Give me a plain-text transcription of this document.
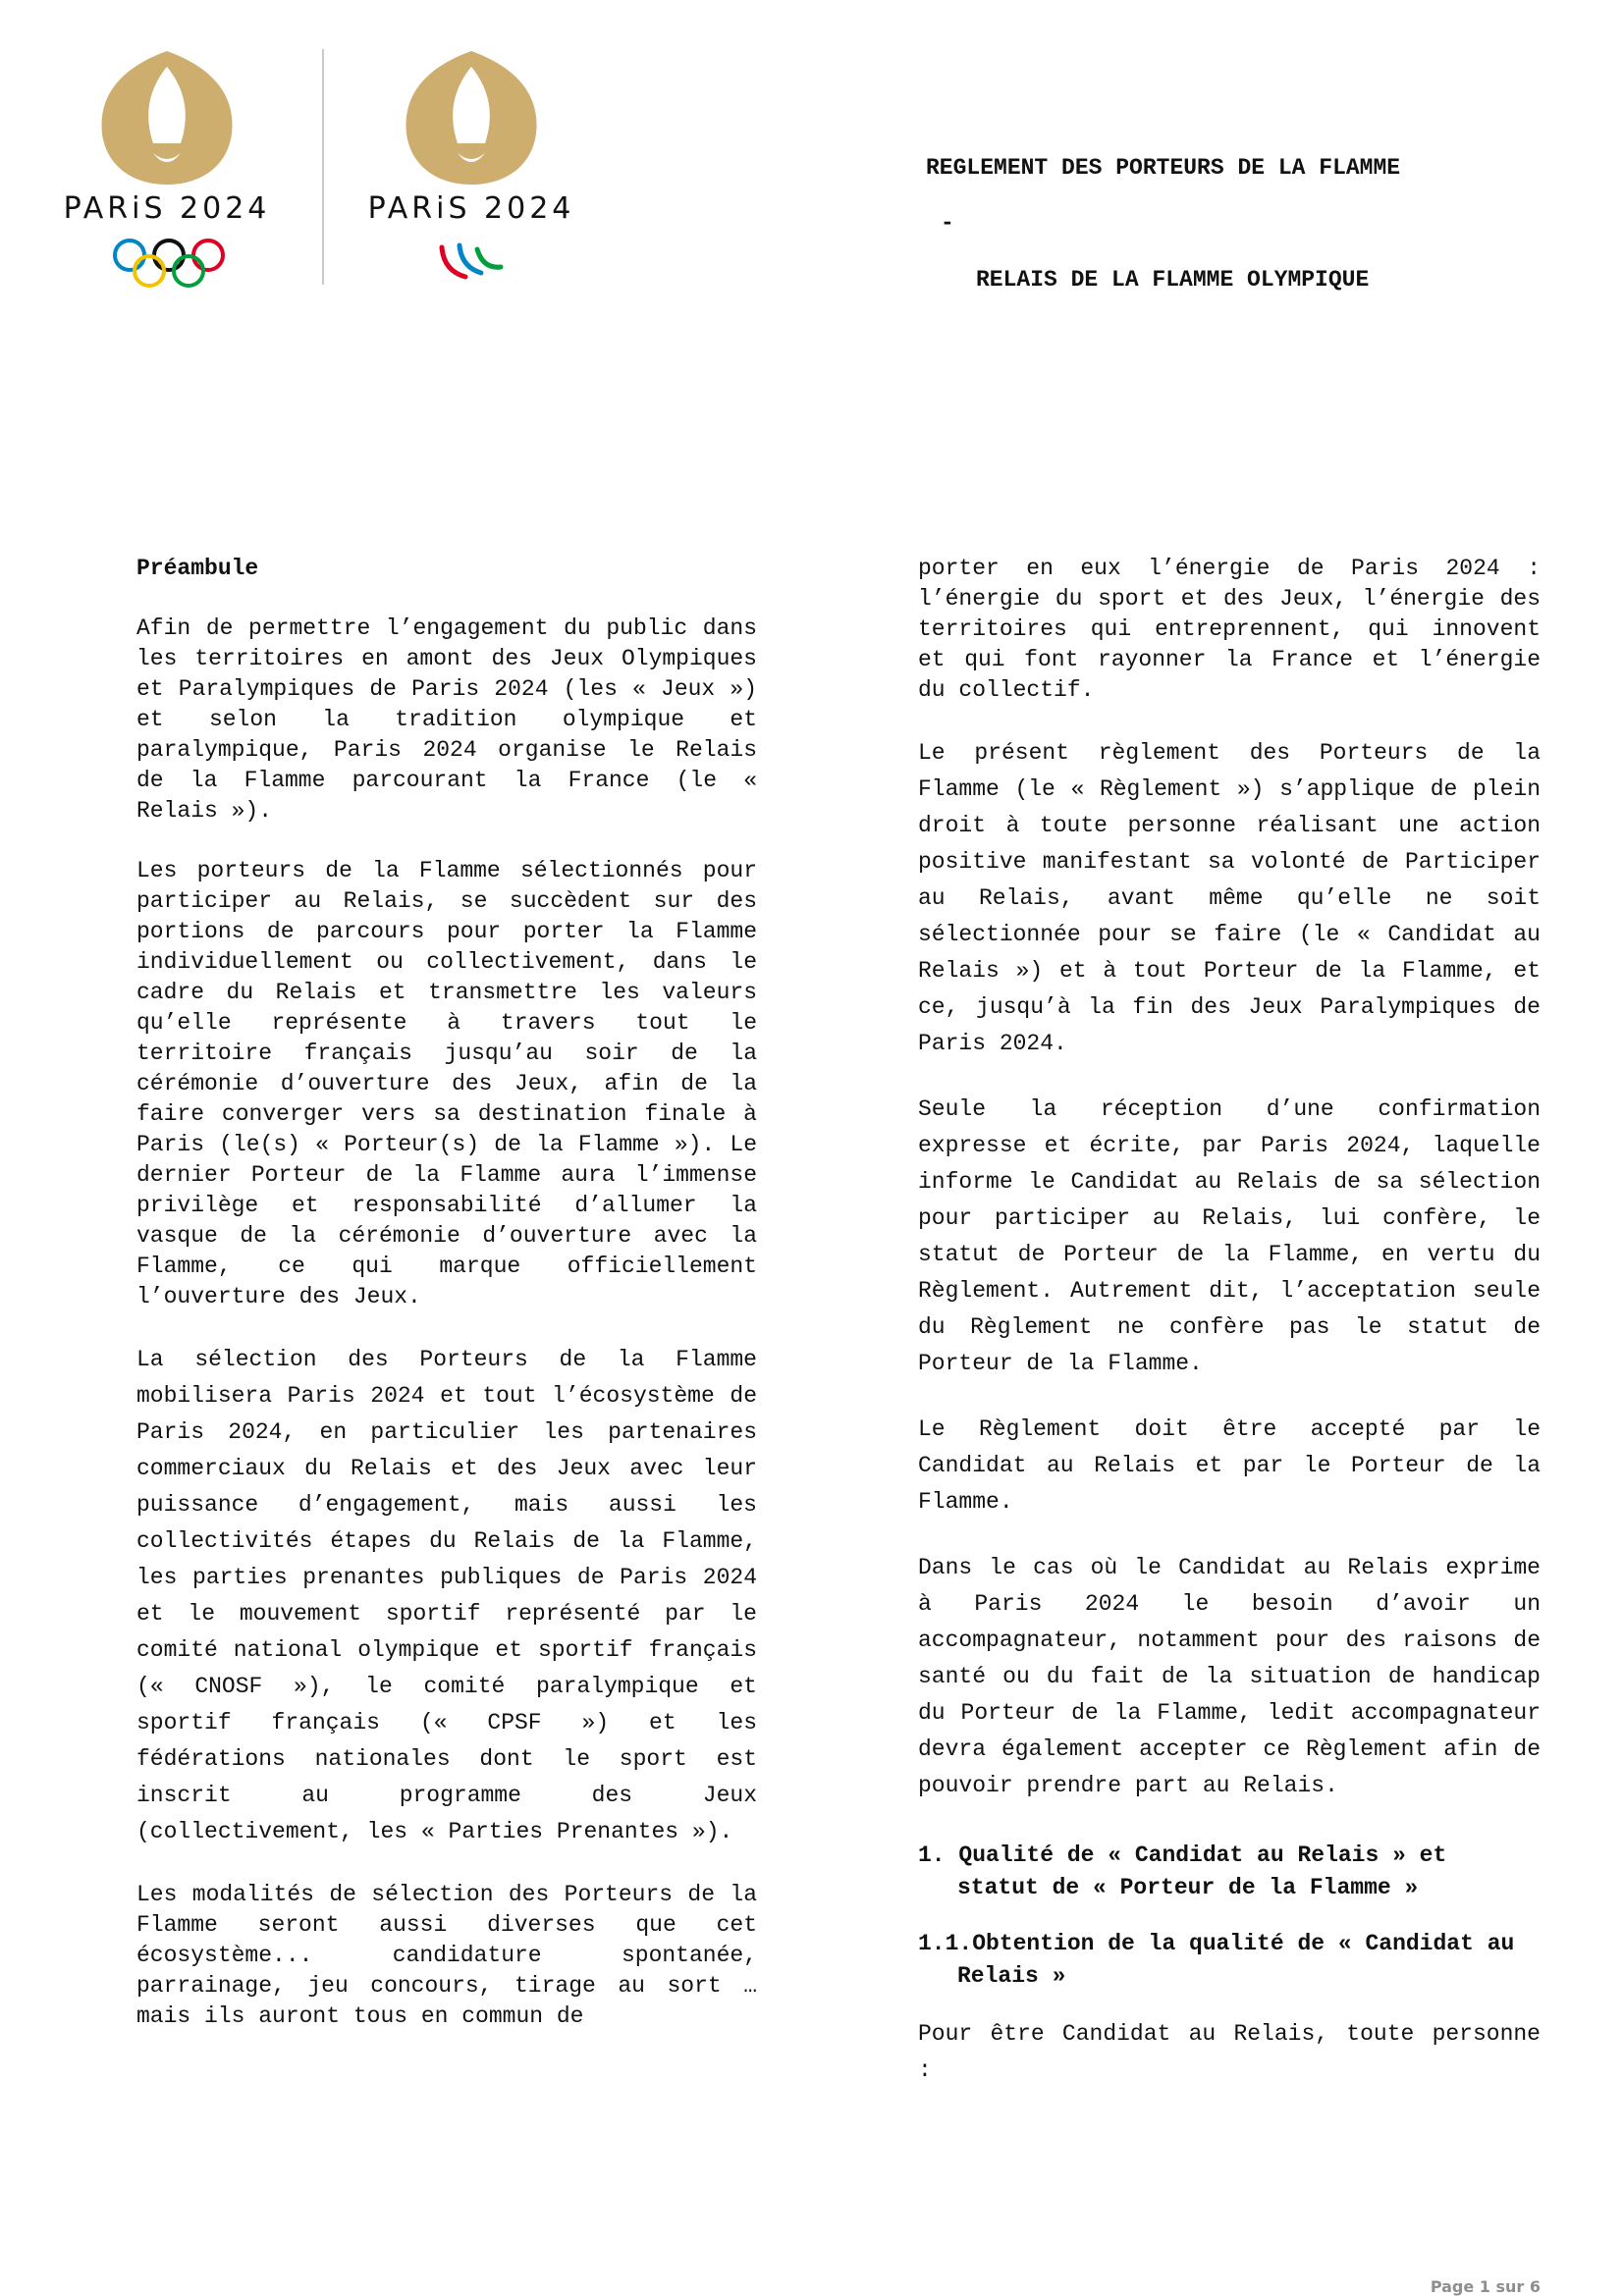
PARiS 2024	PARiS 2024
REGLEMENT DES PORTEURS DE LA FLAMME
-
RELAIS DE LA FLAMME OLYMPIQUE
Préambule

Afin de permettre l’engagement du public dans les territoires en amont des Jeux Olympiques et Paralympiques de Paris 2024 (les « Jeux ») et selon la tradition olympique et paralympique, Paris 2024 organise le Relais de la Flamme parcourant la France (le « Relais »).

Les porteurs de la Flamme sélectionnés pour participer au Relais, se succèdent sur des portions de parcours pour porter la Flamme individuellement ou collectivement, dans le cadre du Relais et transmettre les valeurs qu’elle représente à travers tout le territoire français jusqu’au soir de la cérémonie d’ouverture des Jeux, afin de la faire converger vers sa destination finale à Paris (le(s) « Porteur(s) de la Flamme »). Le dernier Porteur de la Flamme aura l’immense privilège et responsabilité d’allumer la vasque de la cérémonie d’ouverture avec la Flamme, ce qui marque officiellement l’ouverture des Jeux.

La sélection des Porteurs de la Flamme mobilisera Paris 2024 et tout l’écosystème de Paris 2024, en particulier les partenaires commerciaux du Relais et des Jeux avec leur puissance d’engagement, mais aussi les collectivités étapes du Relais de la Flamme, les parties prenantes publiques de Paris 2024 et le mouvement sportif représenté par le comité national olympique et sportif français (« CNOSF »), le comité paralympique et sportif français (« CPSF ») et les fédérations nationales dont le sport est inscrit au programme des Jeux (collectivement, les « Parties Prenantes »).

Les modalités de sélection des Porteurs de la Flamme seront aussi diverses que cet écosystème... candidature spontanée, parrainage, jeu concours, tirage au sort … mais ils auront tous en commun de

porter en eux l’énergie de Paris 2024 : l’énergie du sport et des Jeux, l’énergie des territoires qui entreprennent, qui innovent et qui font rayonner la France et l’énergie du collectif.

Le présent règlement des Porteurs de la Flamme (le « Règlement ») s’applique de plein droit à toute personne réalisant une action positive manifestant sa volonté de Participer au Relais, avant même qu’elle ne soit sélectionnée pour se faire (le « Candidat au Relais ») et à tout Porteur de la Flamme, et ce, jusqu’à la fin des Jeux Paralympiques de Paris 2024.

Seule la réception d’une confirmation expresse et écrite, par Paris 2024, laquelle informe le Candidat au Relais de sa sélection pour participer au Relais, lui confère, le statut de Porteur de la Flamme, en vertu du Règlement. Autrement dit, l’acceptation seule du Règlement ne confère pas le statut de Porteur de la Flamme.

Le Règlement doit être accepté par le Candidat au Relais et par le Porteur de la Flamme.

Dans le cas où le Candidat au Relais exprime à Paris 2024 le besoin d’avoir un accompagnateur, notamment pour des raisons de santé ou du fait de la situation de handicap du Porteur de la Flamme, ledit accompagnateur devra également accepter ce Règlement afin de pouvoir prendre part au Relais.

1. Qualité de « Candidat au Relais » et statut de « Porteur de la Flamme »
1.1.Obtention de la qualité de « Candidat au Relais »

Pour être Candidat au Relais, toute personne :

Page 1 sur 6
